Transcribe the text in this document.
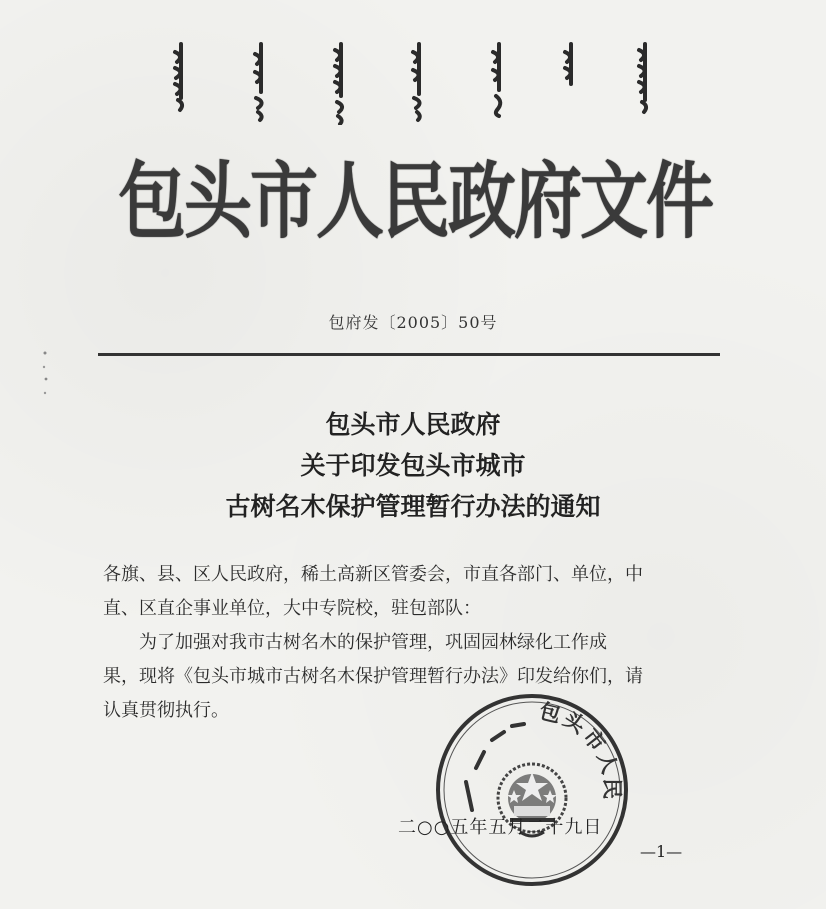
包头市人民政府文件
包府发〔2005〕50号
包头市人民政府
关于印发包头市城市
古树名木保护管理暂行办法的通知

各旗、县、区人民政府，稀土高新区管委会，市直各部门、单位，中

直、区直企事业单位，大中专院校，驻包部队：

为了加强对我市古树名木的保护管理，巩固园林绿化工作成

果，现将《包头市城市古树名木保护管理暂行办法》印发给你们，请

认真贯彻执行。	包头市人民
二○○五年五月二十九日
—1—
